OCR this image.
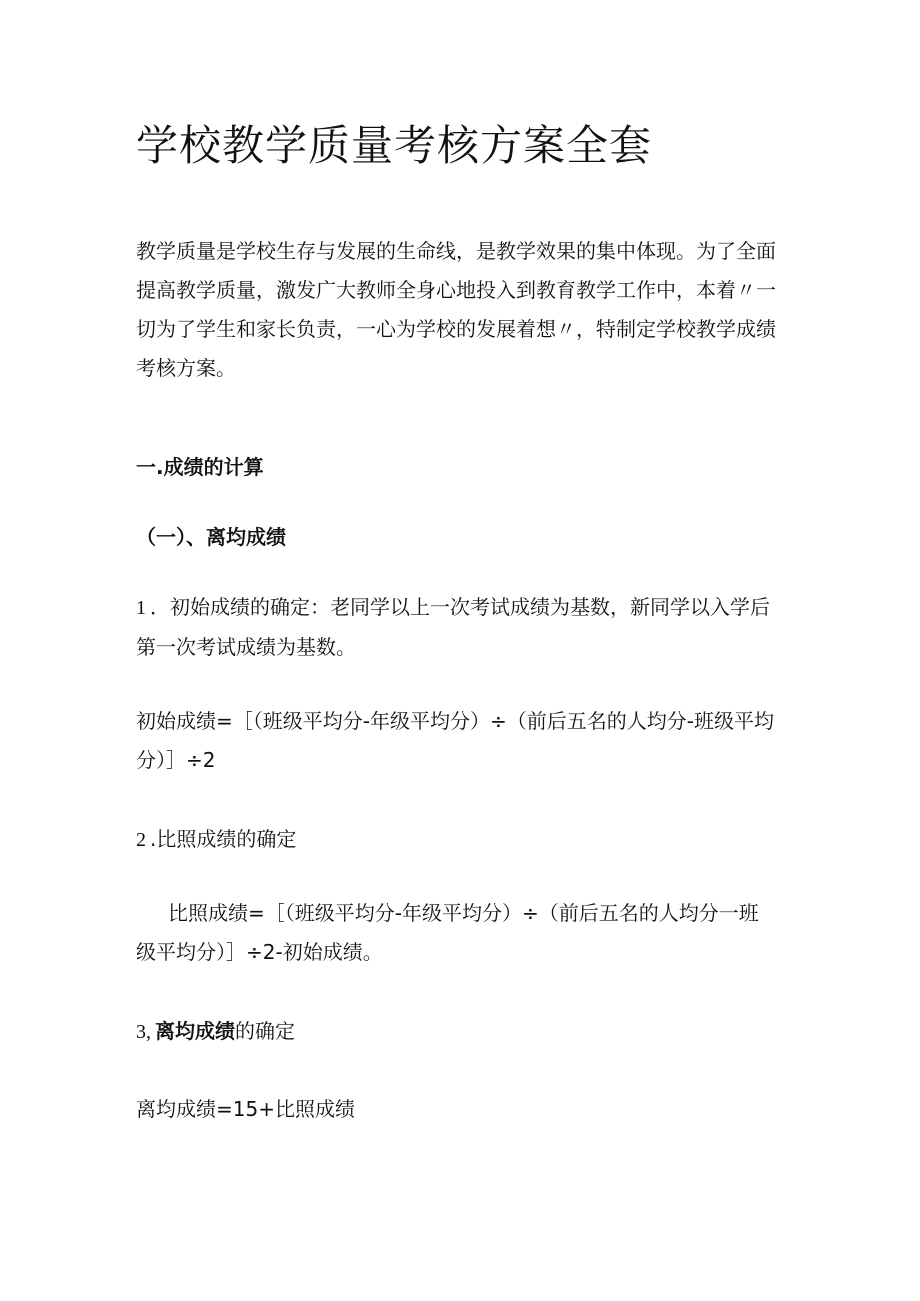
学校教学质量考核方案全套
教学质量是学校生存与发展的生命线，是教学效果的集中体现。为了全面
提高教学质量，激发广大教师全身心地投入到教育教学工作中，本着〃一
切为了学生和家长负责，一心为学校的发展着想〃，特制定学校教学成绩
考核方案。
一.成绩的计算
（一）、离均成绩
1 ．初始成绩的确定：老同学以上一次考试成绩为基数，新同学以入学后
第一次考试成绩为基数。
初始成绩=［（班级平均分-年级平均分）÷（前后五名的人均分-班级平均
分）］÷2
2 .比照成绩的确定
比照成绩=［（班级平均分-年级平均分）÷（前后五名的人均分一班
级平均分）］÷2-初始成绩。
3, 离均成绩的确定
离均成绩=15+比照成绩
